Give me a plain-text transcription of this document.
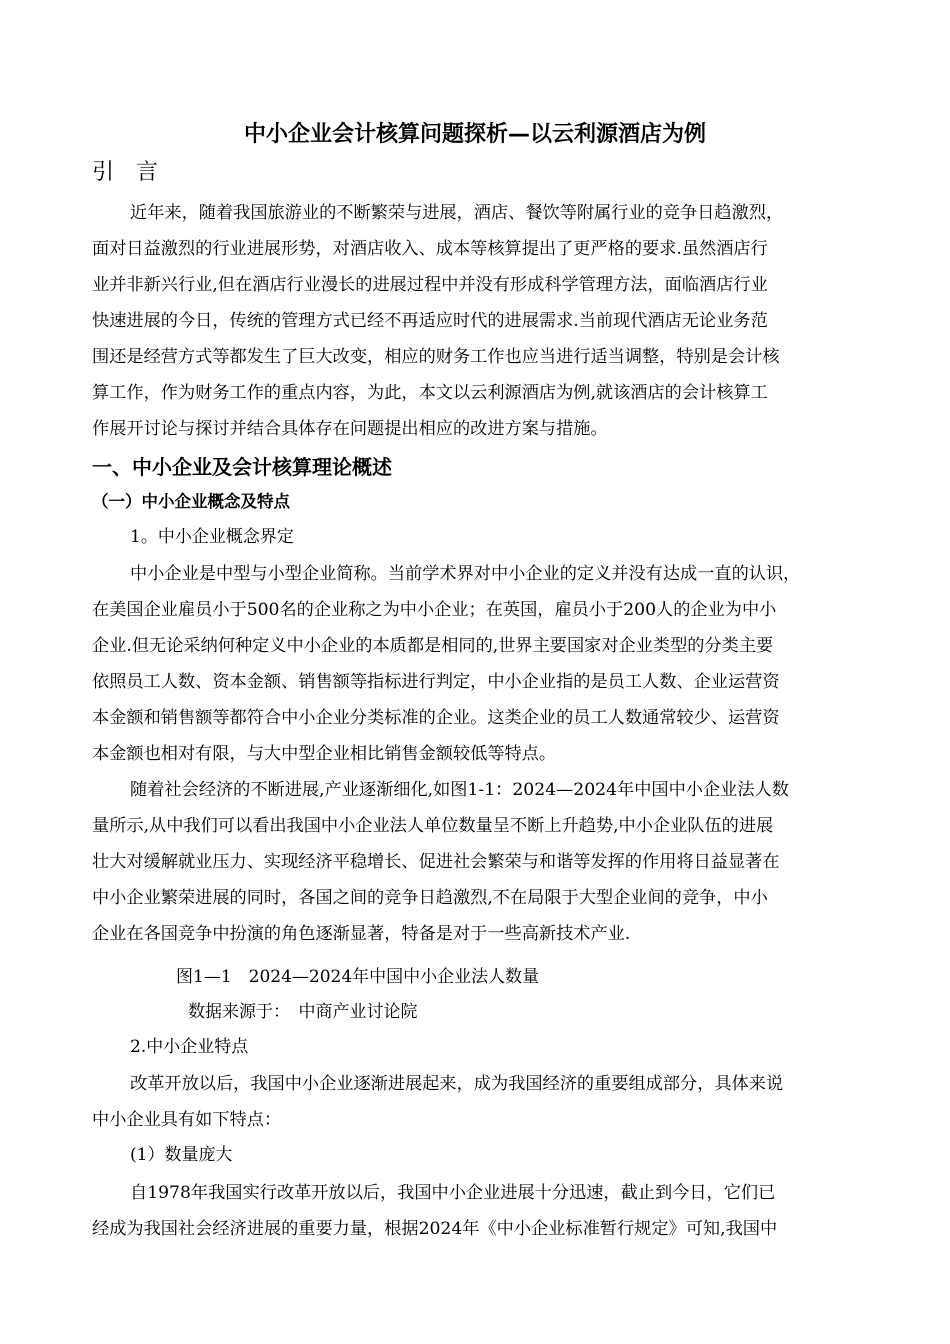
中小企业会计核算问题探析—以云利源酒店为例
引言
近年来，随着我国旅游业的不断繁荣与进展，酒店、餐饮等附属行业的竞争日趋激烈，
面对日益激烈的行业进展形势，对酒店收入、成本等核算提出了更严格的要求.虽然酒店行
业并非新兴行业,但在酒店行业漫长的进展过程中并没有形成科学管理方法，面临酒店行业
快速进展的今日，传统的管理方式已经不再适应时代的进展需求.当前现代酒店无论业务范
围还是经营方式等都发生了巨大改变，相应的财务工作也应当进行适当调整，特别是会计核
算工作，作为财务工作的重点内容，为此，本文以云利源酒店为例,就该酒店的会计核算工
作展开讨论与探讨并结合具体存在问题提出相应的改进方案与措施。
一、中小企业及会计核算理论概述
（一）中小企业概念及特点
1。中小企业概念界定
中小企业是中型与小型企业简称。当前学术界对中小企业的定义并没有达成一直的认识，
在美国企业雇员小于500名的企业称之为中小企业；在英国，雇员小于200人的企业为中小
企业.但无论采纳何种定义中小企业的本质都是相同的,世界主要国家对企业类型的分类主要
依照员工人数、资本金额、销售额等指标进行判定，中小企业指的是员工人数、企业运营资
本金额和销售额等都符合中小企业分类标准的企业。这类企业的员工人数通常较少、运营资
本金额也相对有限，与大中型企业相比销售金额较低等特点。
随着社会经济的不断进展,产业逐渐细化,如图1-1：2024—2024年中国中小企业法人数
量所示,从中我们可以看出我国中小企业法人单位数量呈不断上升趋势,中小企业队伍的进展
壮大对缓解就业压力、实现经济平稳增长、促进社会繁荣与和谐等发挥的作用将日益显著在
中小企业繁荣进展的同时，各国之间的竞争日趋激烈,不在局限于大型企业间的竞争，中小
企业在各国竞争中扮演的角色逐渐显著，特备是对于一些高新技术产业.
图1—1　2024—2024年中国中小企业法人数量
数据来源于：　中商产业讨论院
2.中小企业特点
改革开放以后，我国中小企业逐渐进展起来，成为我国经济的重要组成部分，具体来说
中小企业具有如下特点：
(1）数量庞大
自1978年我国实行改革开放以后，我国中小企业进展十分迅速，截止到今日，它们已
经成为我国社会经济进展的重要力量，根据2024年《中小企业标准暂行规定》可知,我国中
